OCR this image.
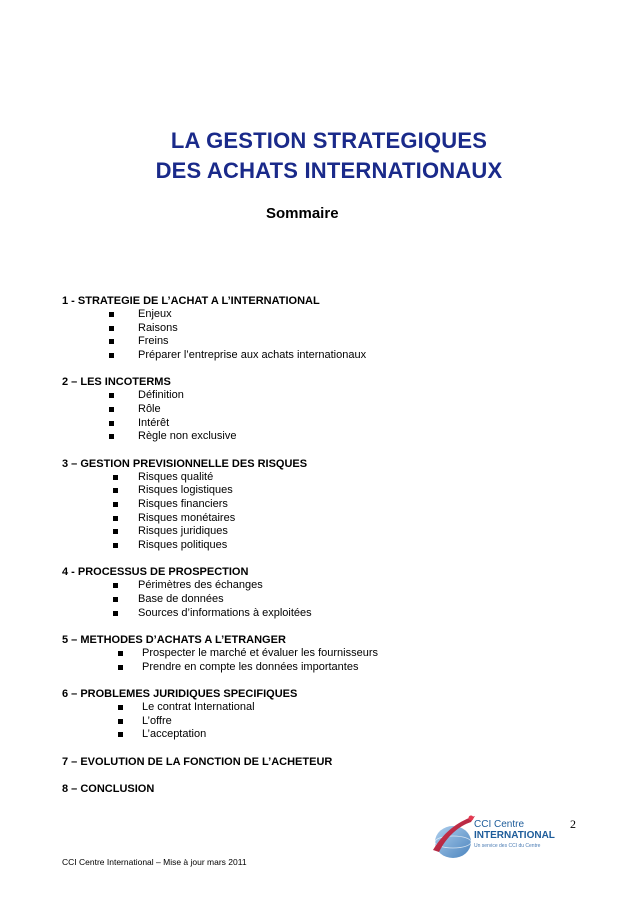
LA GESTION STRATEGIQUES
DES ACHATS INTERNATIONAUX
Sommaire
1 - STRATEGIE DE L’ACHAT A L’INTERNATIONAL
Enjeux
Raisons
Freins
Préparer l’entreprise aux achats internationaux
2 – LES INCOTERMS
Définition
Rôle
Intérêt
Règle non exclusive
3 – GESTION PREVISIONNELLE DES RISQUES
Risques qualité
Risques logistiques
Risques financiers
Risques monétaires
Risques juridiques
Risques politiques
4 - PROCESSUS DE PROSPECTION
Périmètres des échanges
Base de données
Sources d’informations à exploitées
5 – METHODES D’ACHATS A L’ETRANGER
Prospecter le marché et évaluer les fournisseurs
Prendre en compte les données importantes
6 – PROBLEMES JURIDIQUES SPECIFIQUES
Le contrat International
L’offre
L’acceptation
7 – EVOLUTION DE LA FONCTION DE L’ACHETEUR
8 – CONCLUSION
2
CCI Centre
INTERNATIONAL
Un service des CCI du Centre
CCI Centre International – Mise à jour mars 2011
